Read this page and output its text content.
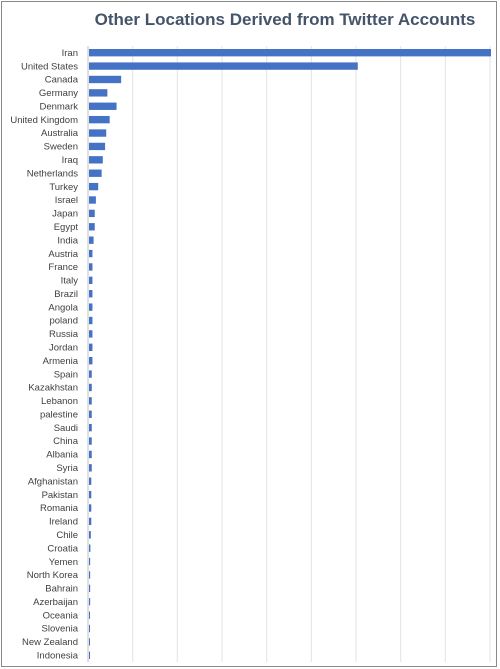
Other Locations Derived from Twitter Accounts
Iran
United States
Canada
Germany
Denmark
United Kingdom
Australia
Sweden
Iraq
Netherlands
Turkey
Israel
Japan
Egypt
India
Austria
France
Italy
Brazil
Angola
poland
Russia
Jordan
Armenia
Spain
Kazakhstan
Lebanon
palestine
Saudi
China
Albania
Syria
Afghanistan
Pakistan
Romania
Ireland
Chile
Croatia
Yemen
North Korea
Bahrain
Azerbaijan
Oceania
Slovenia
New Zealand
Indonesia
